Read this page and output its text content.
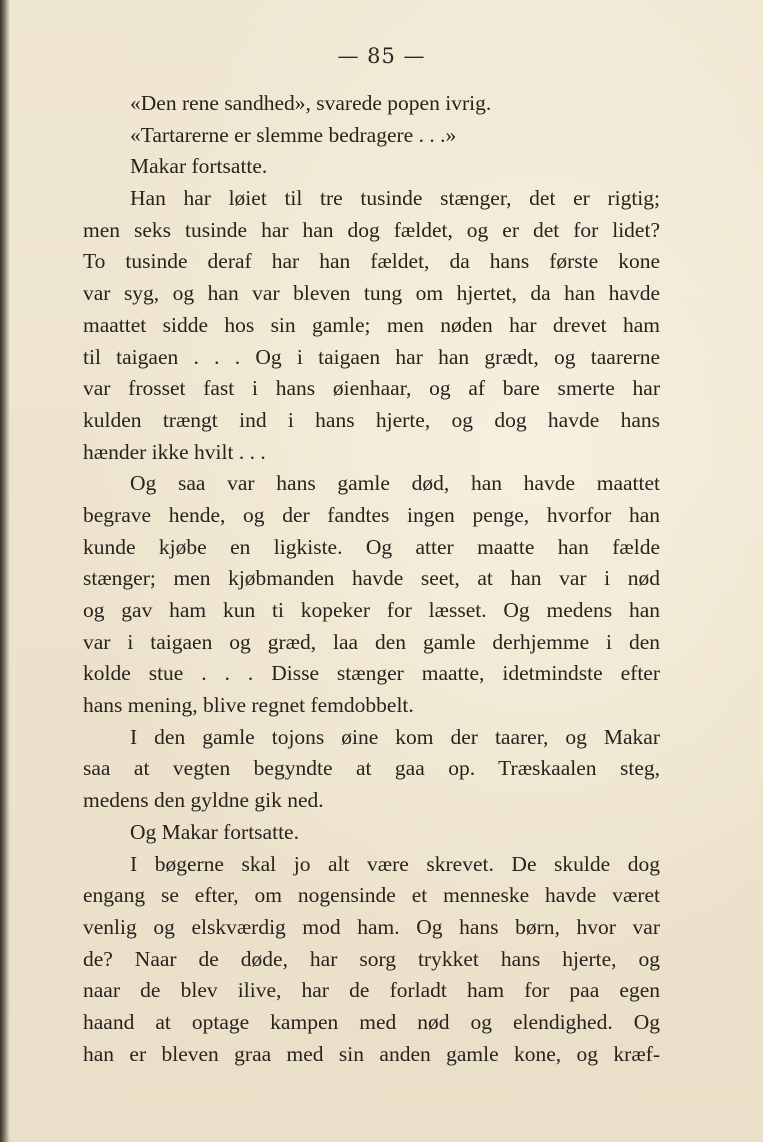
— 85 —
«Den rene sandhed», svarede popen ivrig.
«Tartarerne er slemme bedragere . . .»
Makar fortsatte.
Han har løiet til tre tusinde stænger, det er rigtig;
men seks tusinde har han dog fældet, og er det for lidet?
To tusinde deraf har han fældet, da hans første kone
var syg, og han var bleven tung om hjertet, da han havde
maattet sidde hos sin gamle; men nøden har drevet ham
til taigaen . . . Og i taigaen har han grædt, og taarerne
var frosset fast i hans øienhaar, og af bare smerte har
kulden trængt ind i hans hjerte, og dog havde hans
hænder ikke hvilt . . .
Og saa var hans gamle død, han havde maattet
begrave hende, og der fandtes ingen penge, hvorfor han
kunde kjøbe en ligkiste. Og atter maatte han fælde
stænger; men kjøbmanden havde seet, at han var i nød
og gav ham kun ti kopeker for læsset. Og medens han
var i taigaen og græd, laa den gamle derhjemme i den
kolde stue . . . Disse stænger maatte, idetmindste efter
hans mening, blive regnet femdobbelt.
I den gamle tojons øine kom der taarer, og Makar
saa at vegten begyndte at gaa op. Træskaalen steg,
medens den gyldne gik ned.
Og Makar fortsatte.
I bøgerne skal jo alt være skrevet. De skulde dog
engang se efter, om nogensinde et menneske havde været
venlig og elskværdig mod ham. Og hans børn, hvor var
de? Naar de døde, har sorg trykket hans hjerte, og
naar de blev ilive, har de forladt ham for paa egen
haand at optage kampen med nød og elendighed. Og
han er bleven graa med sin anden gamle kone, og kræf-
